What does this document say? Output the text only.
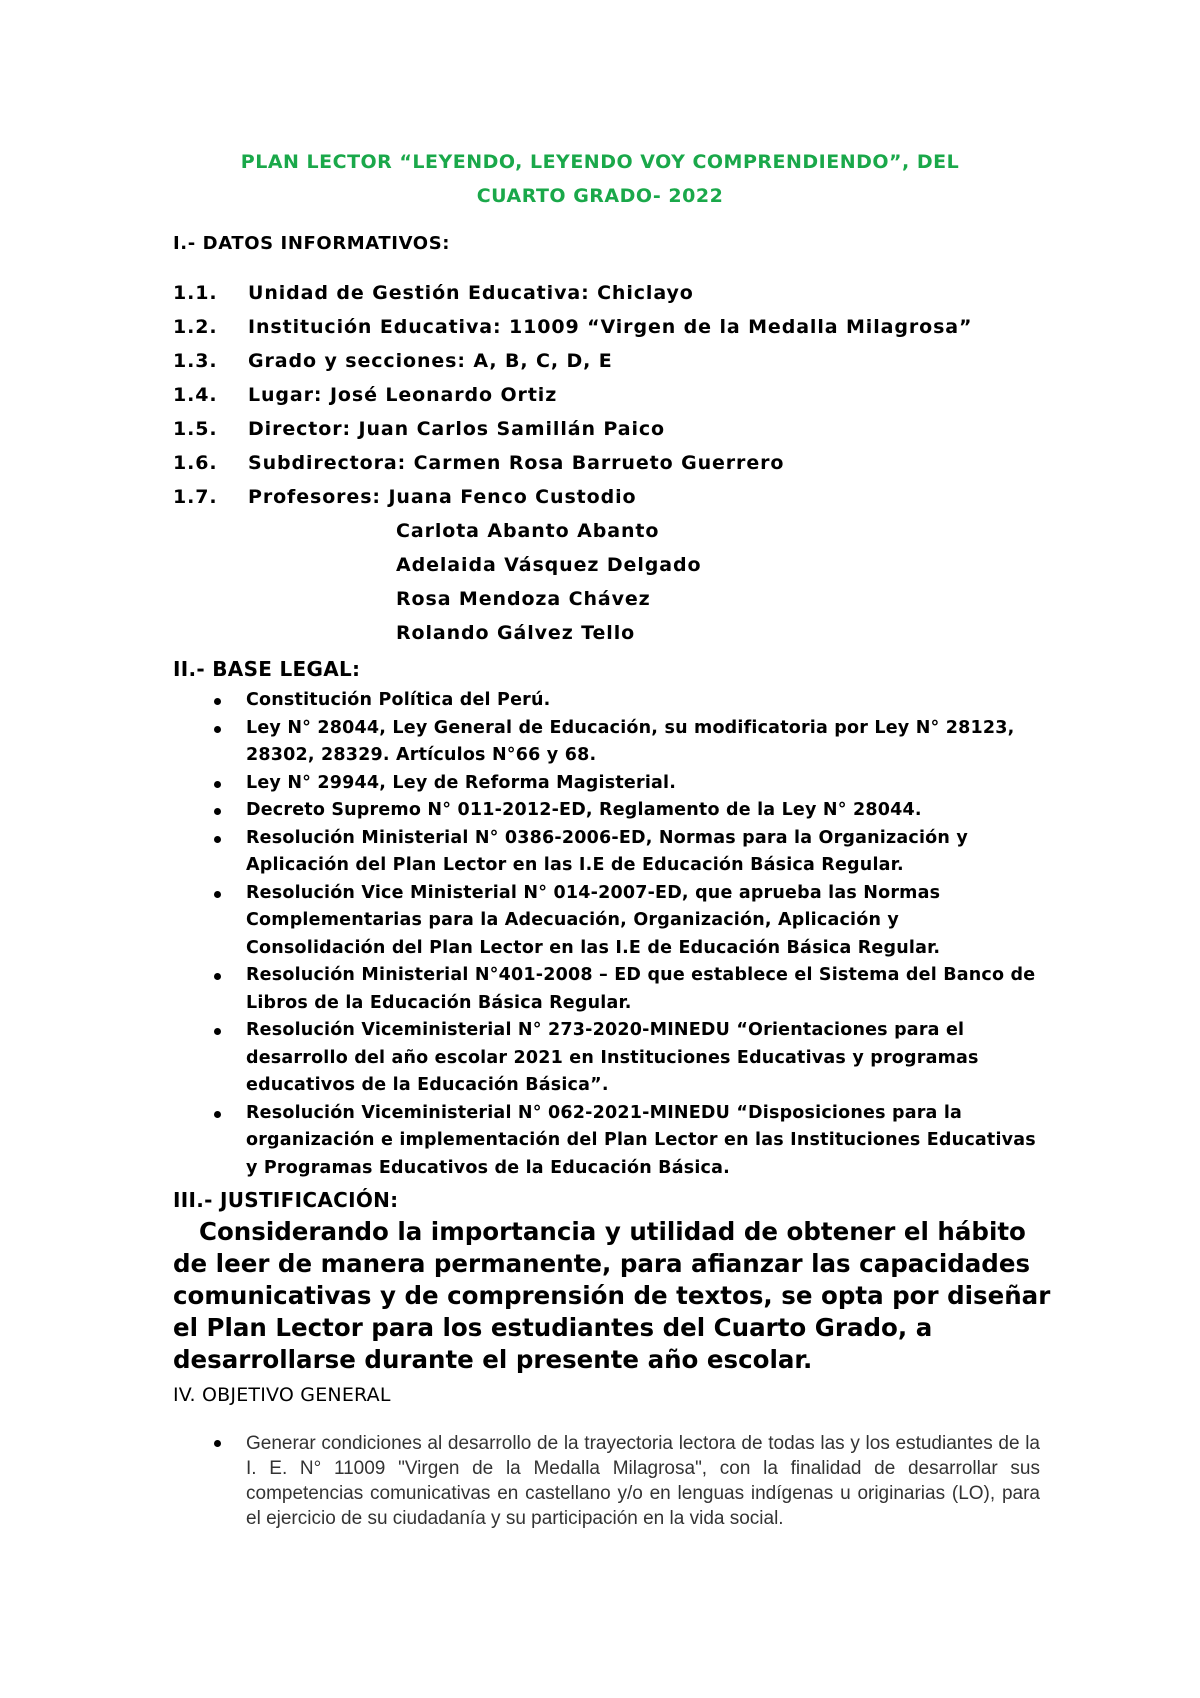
PLAN LECTOR “LEYENDO, LEYENDO VOY COMPRENDIENDO”, DEL
CUARTO GRADO- 2022
I.- DATOS INFORMATIVOS:
1.1. Unidad de Gestión Educativa: Chiclayo
1.2. Institución Educativa: 11009 “Virgen de la Medalla Milagrosa”
1.3. Grado y secciones: A, B, C, D, E
1.4. Lugar: José Leonardo Ortiz
1.5. Director: Juan Carlos Samillán Paico
1.6. Subdirectora: Carmen Rosa Barrueto Guerrero
1.7. Profesores: Juana Fenco Custodio
Carlota Abanto Abanto
Adelaida Vásquez Delgado
Rosa Mendoza Chávez
Rolando Gálvez Tello
II.- BASE LEGAL:
Constitución Política del Perú.
Ley N° 28044, Ley General de Educación, su modificatoria por Ley N° 28123, 28302, 28329. Artículos N°66 y 68.
Ley N° 29944, Ley de Reforma Magisterial.
Decreto Supremo N° 011-2012-ED, Reglamento de la Ley N° 28044.
Resolución Ministerial N° 0386-2006-ED, Normas para la Organización y Aplicación del Plan Lector en las I.E de Educación Básica Regular.
Resolución Vice Ministerial N° 014-2007-ED, que aprueba las Normas Complementarias para la Adecuación, Organización, Aplicación y Consolidación del Plan Lector en las I.E de Educación Básica Regular.
Resolución Ministerial N°401-2008 – ED que establece el Sistema del Banco de Libros de la Educación Básica Regular.
Resolución Viceministerial N° 273-2020-MINEDU “Orientaciones para el desarrollo del año escolar 2021 en Instituciones Educativas y programas educativos de la Educación Básica”.
Resolución Viceministerial N° 062-2021-MINEDU “Disposiciones para la organización e implementación del Plan Lector en las Instituciones Educativas y Programas Educativos de la Educación Básica.
III.- JUSTIFICACIÓN:
Considerando la importancia y utilidad de obtener el hábito de leer de manera permanente, para afianzar las capacidades comunicativas y de comprensión de textos, se opta por diseñar el Plan Lector para los estudiantes del Cuarto Grado, a desarrollarse durante el presente año escolar.
IV. OBJETIVO GENERAL
Generar condiciones al desarrollo de la trayectoria lectora de todas las y los estudiantes de la I. E. N° 11009 "Virgen de la Medalla Milagrosa", con la finalidad de desarrollar sus competencias comunicativas en castellano y/o en lenguas indígenas u originarias (LO), para el ejercicio de su ciudadanía y su participación en la vida social.
